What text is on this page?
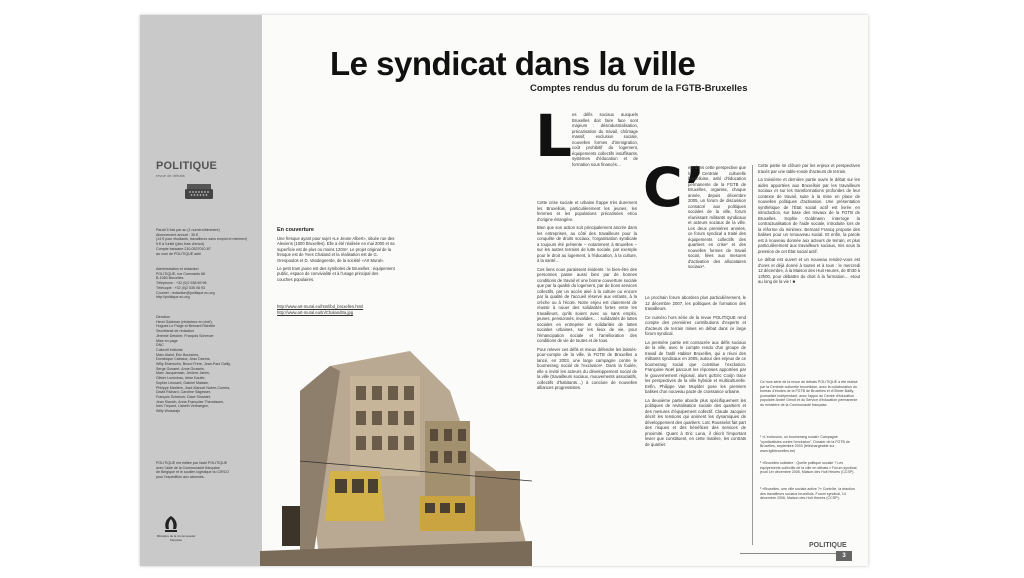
POLITIQUE
revue de débats
Paraît 5 fois par an (1 numéro/bimestre)
Abonnement annuel : 30 €
(14 € pour étudiants, travailleurs sans emploi et minimex)
5 € à l'unité (plus frais d'envoi)
Compte bancaire 210-0537010-87
au nom de POLITIQUE asbl
Administration et rédaction
POLITIQUE, rue Coenraets 68
B-1060 Bruxelles
Téléphone : +32 (0)2 538 69 96
Télécopie : +32 (0)2 535 06 93
Courriel : redaction@politique.eu.org
http://politique.eu.org
Direction
Henri Goldman (rédacteur en chef),
Hugues Le Paige et Bernard Richelle
Secrétariat de rédaction
Jérémie Detober, François Schreuer
Mise en page
DNC
Collectif éditorial
Marc Alaluf, Éric Boursiers,
Dominique Cabiaux, Jean Daems,
Willy Estersohn, Bruno Frère, Jean-Paul Gailly,
Serge Govaert, Anne Gruwels,
Marc Jacquemain, Jérôme Jamin,
Olivier Lumineau, Irène Kaufer,
Sophie Léonard, Gabriel Maissin,
Philippe Marlière, José-Manuel Nobre-Correia,
David Richard, Caroline Sägesser,
François Schreuer, Dave Sinardet,
Jean Slavich, Anne-Françoise Theunissen,
Inès Trépant, Lisbeth Verhaegen,
Willy Wolsztajn
POLITIQUE est éditée par l'asbl POLITIQUE
avec l'aide de la Communauté française
de Belgique et le soutien logistique du CIRCO
pour l'expédition aux abonnés.
Ministère de la Communauté française
Le syndicat dans la ville
Comptes rendus du forum de la FGTB-Bruxelles
En couverture
Une fresque ayant pour sujet «Le Jeune Albert», située rue des Alexiens (1000 Bruxelles). Elle a été réalisée en mai 2000 et sa superficie est de plus ou moins 120m². Le projet original de la fresque est de Yves Chaland et la réalisation est de G. Oreopoulos et D. Vandegeerde, de la société «Art Mural».
Le petit tram jaune est des symboles de Bruxelles : équipement public, espace de convivialité et à l'usage principal des couches populaires.
http://www.art-mural.eu/html/bd_bruxelles.html
http://www.art-mural.eu/tn/Chalandtra.jpg
L
C’

es défis sociaux auxquels Bruxelles doit faire face sont majeurs : désindustrialisation, précarisation du travail, chômage massif, exclusion sociale, nouvelles formes d'immigration, coût prohibitif du logement, équipements collectifs insuffisants, systèmes d'éducation et de formation sous financés…

Cette crise sociale et urbaine frappe très durement les Bruxellois, particulièrement les jeunes, les femmes et les populations précarisées et/ou d'origine étrangère.

Bien que son action soit principalement ancrée dans les entreprises, au côté des travailleurs pour la conquête de droits sociaux, l'organisation syndicale a toujours été présente – notamment à Bruxelles – sur les autres terrains de lutte sociale, par exemple pour le droit au logement, à l'éducation, à la culture, à la santé…

Ces liens nous paraissent évidents : le bien-être des personnes passe aussi bien par de bonnes conditions de travail et une bonne couverture sociale que par la qualité du logement, par de bons services collectifs, par un accès aisé à la culture ou encore par la qualité de l'accueil réservé aux enfants, à la crèche ou à l'école. Notre enjeu est clairement de réussir à nouer des solidarités fortes entre les travailleurs, qu'ils soient avec ou sans emploi, jeunes, pensionnés, invalides… : solidarités de luttes sociales en entreprise et solidarités de luttes sociales urbaines, sur les lieux de vie, pour l'émancipation sociale et l'amélioration des conditions de vie de toutes et de tous.

Pour relever ces défis et mieux défendre les laissés-pour-compte de la ville, la FGTB de Bruxelles a lancé, en 2003, une large campagne contre le boomerang social de l'exclusion¹. Dans la foulée, elle a invité les acteurs du développement social de la ville (travailleurs sociaux, mouvements associatifs, collectifs d'habitants…) à conclure de nouvelles alliances progressistes.

est dans cette perspective que la Centrale culturelle bruxelloise, asbl d'éducation permanente de la FGTB de Bruxelles, organise, chaque année, depuis décembre 2005, un forum de discussion consacré aux politiques sociales de la ville, forum réunissant militants syndicaux et acteurs sociaux de la ville. Les deux premières années, ce forum syndical a traité des équipements collectifs des quartiers en crise² et des nouvelles formes de travail social, liées aux mesures d'activation des allocataires sociaux³.

Le prochain forum abordera plus particulièrement, le 12 décembre 2007, les politiques de formation des travailleurs.

Ce numéro hors série de la revue POLITIQUE rend compte des premières contributions d'experts et d'acteurs de terrain mises en débat dans ce large forum syndical.

La première partie est consacrée aux défis sociaux de la ville, avec le compte rendu d'un groupe de travail de l'asbl Habiter Bruxelles, qui a réuni des militants syndicaux en 2005, autour des enjeux de ce boomerang social que constitue l'exclusion. Françoise Noël parcourt les réponses apportées par le gouvernement régional, alors qu'Eric Corijn trace les perspectives de la ville hybride et multiculturelle. Enfin, Philippe Van Muylder pose les premiers balises d'un nouveau pacte de croissance urbaine.

La deuxième partie aborde plus spécifiquement les politiques de revitalisation sociale des quartiers et des mesures d'équipement collectif. Claude Jacquier décrit les tensions qui animent les dynamiques de développement des quartiers. Loïc Rousselot fait part des risques et des bénéfices des services de proximité. Quant à Eric Luna, il décrit l'important levier que constituent, en cette matière, les contrats de quartier.

Cette partie se clôture par les enjeux et perspectives tracés par une table-ronde d'acteurs de terrain.

La troisième et dernière partie ouvre le débat sur les aides apportées aux Bruxellois par les travailleurs sociaux et sur les transformations profondes de leur contexte de travail, suite à la mise en place de nouvelles politiques d'activation. Une présentation synthétique de l'État social actif est livrée en introduction, sur base des travaux de la FGTB de Bruxelles. Sophie Goldmann interroge la contractualisation de l'aide sociale, introduite lors de la réforme du minimex. Bernard Francq propose des balises pour un renouveau social. Et enfin, la parole est à nouveau donnée aux acteurs de terrain, et plus particulièrement aux travailleurs sociaux, mis sous la pression de cet État social actif.

Le débat est ouvert et un nouveau rendez-vous est d'ores et déjà donné à toutes et à tous : le mercredi 12 décembre, à la Maison des Huit Heures, de 8h30 à 13h00, pour débattre du droit à la formation… etout au long de la vie ! ■

Ce hors série de la revue de débats POLITIQUE a été réalisé par la Centrale culturelle bruxelloise, avec la collaboration du bureau d'études de la FGTB de Bruxelles et d'Olivier Bailly, journaliste indépendant, avec l'appui du Centre d'éducation populaire André Genot et du Service d'éducation permanente du ministère de la Communauté française.
¹ «L'exclusion, un boomerang social» Campagne "syndicalistes contre l'exclusion", Dossier de la FGTB de Bruxelles, septembre 2003 (téléchargeable sur www.fgtbbruxelles.be)
² «Bruxelles solidaire : Quelle politique sociale ? Les équipements collectifs de la ville en débats.» Forum syndical, jeudi 1er décembre 2005, Maison des Huit Heures (CCSP).
³ «Bruxelles, une ville sociale active ?» Contrôle, la réaction des travailleurs sociaux bruxellois. Forum syndical, 14 décembre 2006, Maison des Huit Heures (CCSP).
POLITIQUE
3
